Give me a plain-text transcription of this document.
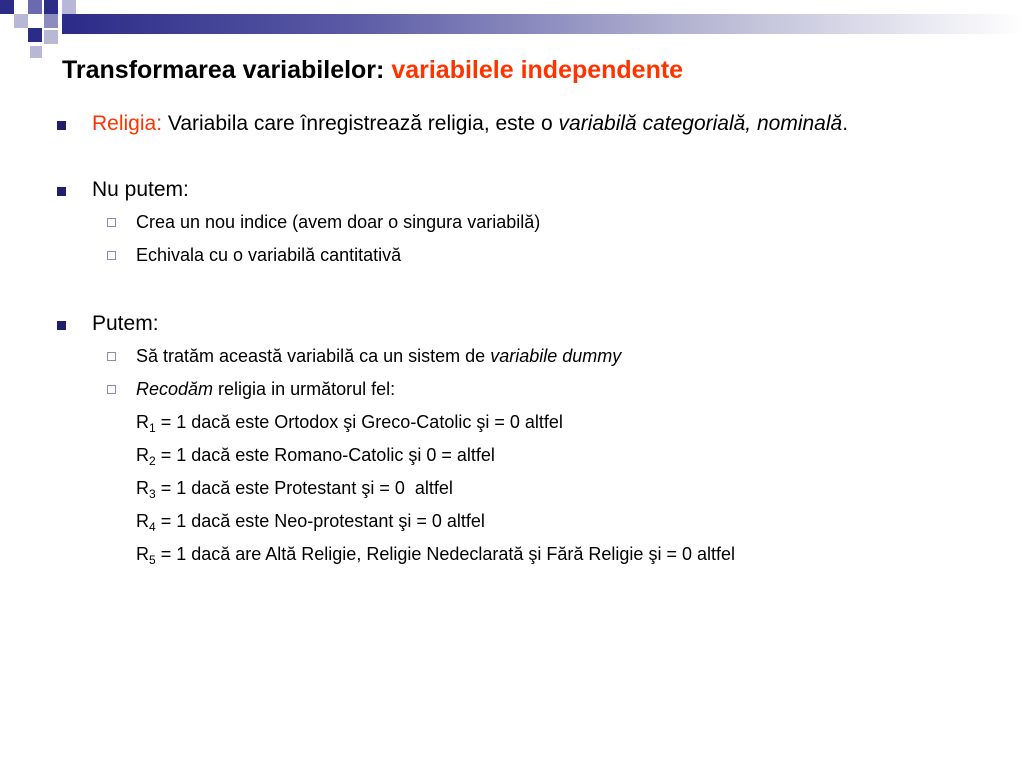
Transformarea variabilelor: variabilele independente
Religia: Variabila care înregistrează religia, este o variabilă categorială, nominală.
Nu putem:
Crea un nou indice (avem doar o singura variabilă)
Echivala cu o variabilă cantitativă
Putem:
Să tratăm această variabilă ca un sistem de variabile dummy
Recodăm religia in următorul fel:
$R_1 = 1$ dacă este Ortodox şi Greco-Catolic şi = 0 altfel
$R_2 = 1$ dacă este Romano-Catolic şi 0 = altfel
$R_3 = 1$ dacă este Protestant şi = 0  altfel
$R_4 = 1$ dacă este Neo-protestant şi = 0 altfel
$R_5 = 1$ dacă are Altă Religie, Religie Nedeclarată şi Fără Religie şi = 0 altfel
